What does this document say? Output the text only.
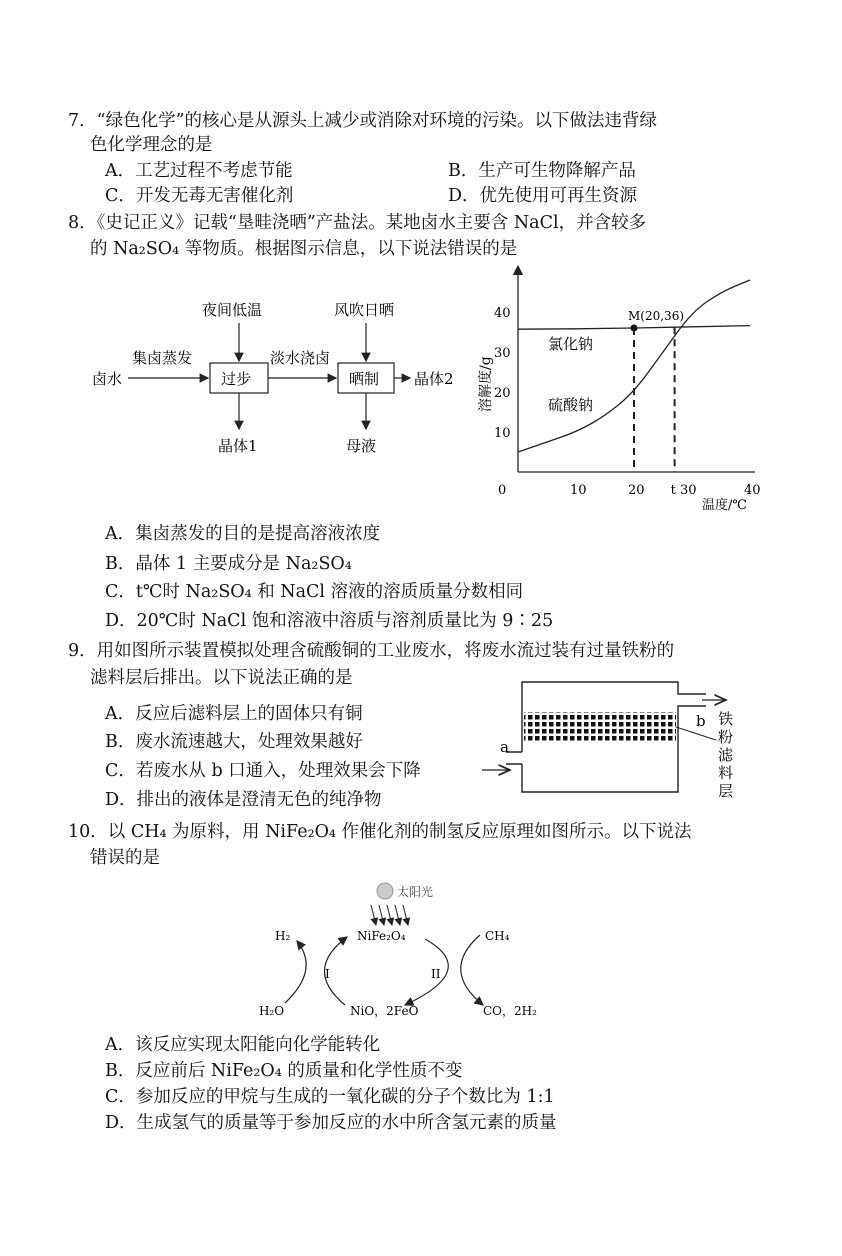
7．“绿色化学”的核心是从源头上减少或消除对环境的污染。以下做法违背绿
色化学理念的是
A．工艺过程不考虑节能	B．生产可生物降解产品
C．开发无毒无害催化剂	D．优先使用可再生资源
8．《史记正义》记载“垦畦浇晒”产盐法。某地卤水主要含 NaCl，并含较多
的 Na₂SO₄ 等物质。根据图示信息，以下说法错误的是
夜间低温	风吹日晒
卤水
集卤蒸发
过步
淡水浇卤
晒制 晶体2
晶体1	母液
10
20
30
40
0	10	20 t 30	40
M(20,36)
氯化钠
硫酸钠
溶解度/g
温度/℃
A．集卤蒸发的目的是提高溶液浓度
B．晶体 1 主要成分是 Na₂SO₄
C．t℃时 Na₂SO₄ 和 NaCl 溶液的溶质质量分数相同
D．20℃时 NaCl 饱和溶液中溶质与溶剂质量比为 9∶25
9．用如图所示装置模拟处理含硫酸铜的工业废水，将废水流过装有过量铁粉的
滤料层后排出。以下说法正确的是
A．反应后滤料层上的固体只有铜
B．废水流速越大，处理效果越好
C．若废水从 b 口通入，处理效果会下降
D．排出的液体是澄清无色的纯净物
a
b 铁
粉
滤
料
层
10．以 CH₄ 为原料，用 NiFe₂O₄ 作催化剂的制氢反应原理如图所示。以下说法
错误的是
太阳光
NiFe₂O₄
H₂	CH₄
H₂O	NiO，2FeO	CO，2H₂
I	II
A．该反应实现太阳能向化学能转化
B．反应前后 NiFe₂O₄ 的质量和化学性质不变
C．参加反应的甲烷与生成的一氧化碳的分子个数比为 1:1
D．生成氢气的质量等于参加反应的水中所含氢元素的质量
